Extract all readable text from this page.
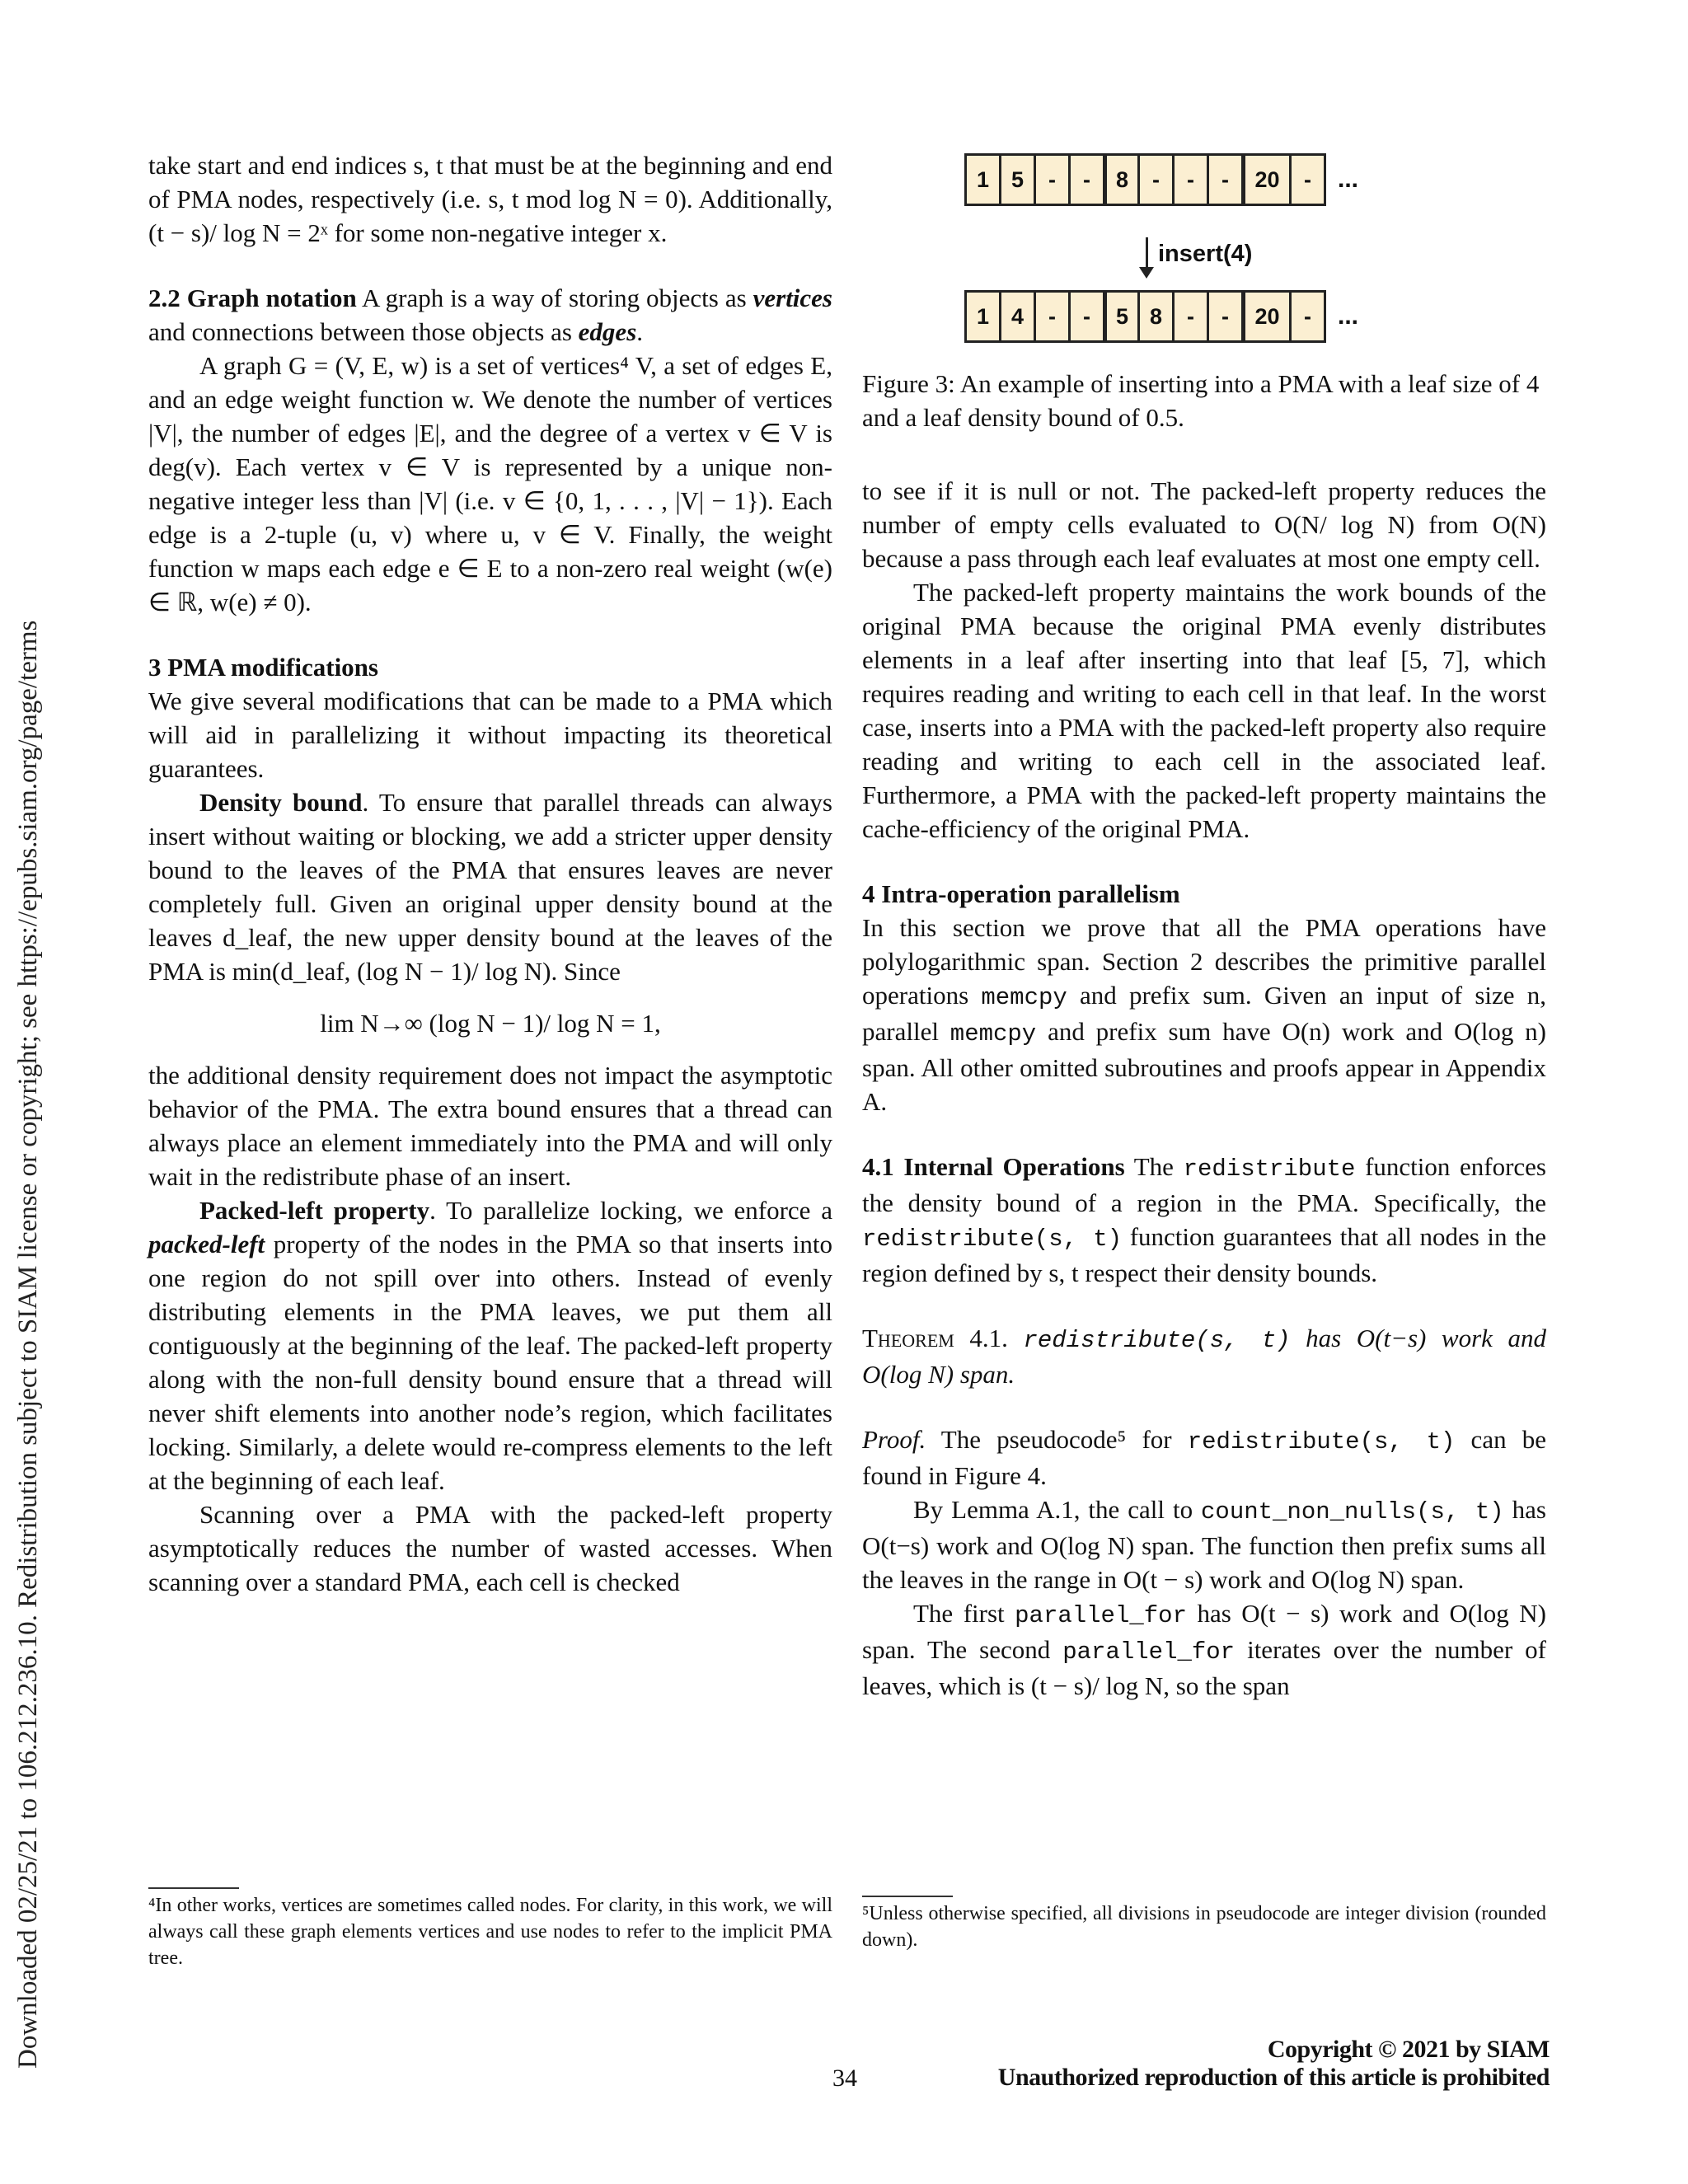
Downloaded 02/25/21 to 106.212.236.10. Redistribution subject to SIAM license or copyright; see https://epubs.siam.org/page/terms

take start and end indices s, t that must be at the beginning and end of PMA nodes, respectively (i.e. s, t mod log N = 0). Additionally, (t − s)/ log N = 2ˣ for some non-negative integer x.

2.2 Graph notation A graph is a way of storing objects as vertices and connections between those objects as edges.

A graph G = (V, E, w) is a set of vertices⁴ V, a set of edges E, and an edge weight function w. We denote the number of vertices |V|, the number of edges |E|, and the degree of a vertex v ∈ V is deg(v). Each vertex v ∈ V is represented by a unique non-negative integer less than |V| (i.e. v ∈ {0, 1, . . . , |V| − 1}). Each edge is a 2-tuple (u, v) where u, v ∈ V. Finally, the weight function w maps each edge e ∈ E to a non-zero real weight (w(e) ∈ ℝ, w(e) ≠ 0).

3 PMA modifications

We give several modifications that can be made to a PMA which will aid in parallelizing it without impacting its theoretical guarantees.

Density bound. To ensure that parallel threads can always insert without waiting or blocking, we add a stricter upper density bound to the leaves of the PMA that ensures leaves are never completely full. Given an original upper density bound at the leaves d_leaf, the new upper density bound at the leaves of the PMA is min(d_leaf, (log N − 1)/ log N). Since

lim N→∞ (log N − 1)/ log N = 1,

the additional density requirement does not impact the asymptotic behavior of the PMA. The extra bound ensures that a thread can always place an element immediately into the PMA and will only wait in the redistribute phase of an insert.

Packed-left property. To parallelize locking, we enforce a packed-left property of the nodes in the PMA so that inserts into one region do not spill over into others. Instead of evenly distributing elements in the PMA leaves, we put them all contiguously at the beginning of the leaf. The packed-left property along with the non-full density bound ensure that a thread will never shift elements into another node’s region, which facilitates locking. Similarly, a delete would re-compress elements to the left at the beginning of each leaf.

Scanning over a PMA with the packed-left property asymptotically reduces the number of wasted accesses. When scanning over a standard PMA, each cell is checked

⁴In other works, vertices are sometimes called nodes. For clarity, in this work, we will always call these graph elements vertices and use nodes to refer to the implicit PMA tree.

1 5	-	-	8	-	-	-	20	-	...
insert(4)
1 4	-	-	5 8	-	-	20	-	...

Figure 3: An example of inserting into a PMA with a leaf size of 4 and a leaf density bound of 0.5.

to see if it is null or not. The packed-left property reduces the number of empty cells evaluated to O(N/ log N) from O(N) because a pass through each leaf evaluates at most one empty cell.

The packed-left property maintains the work bounds of the original PMA because the original PMA evenly distributes elements in a leaf after inserting into that leaf [5, 7], which requires reading and writing to each cell in that leaf. In the worst case, inserts into a PMA with the packed-left property also require reading and writing to each cell in the associated leaf. Furthermore, a PMA with the packed-left property maintains the cache-efficiency of the original PMA.

4 Intra-operation parallelism

In this section we prove that all the PMA operations have polylogarithmic span. Section 2 describes the primitive parallel operations memcpy and prefix sum. Given an input of size n, parallel memcpy and prefix sum have O(n) work and O(log n) span. All other omitted subroutines and proofs appear in Appendix A.

4.1 Internal Operations The redistribute function enforces the density bound of a region in the PMA. Specifically, the redistribute(s, t) function guarantees that all nodes in the region defined by s, t respect their density bounds.

Theorem 4.1. redistribute(s, t) has O(t−s) work and O(log N) span.

Proof. The pseudocode⁵ for redistribute(s, t) can be found in Figure 4.

By Lemma A.1, the call to count_non_nulls(s, t) has O(t−s) work and O(log N) span. The function then prefix sums all the leaves in the range in O(t − s) work and O(log N) span.

The first parallel_for has O(t − s) work and O(log N) span. The second parallel_for iterates over the number of leaves, which is (t − s)/ log N, so the span

⁵Unless otherwise specified, all divisions in pseudocode are integer division (rounded down).

34
Copyright © 2021 by SIAM
Unauthorized reproduction of this article is prohibited
